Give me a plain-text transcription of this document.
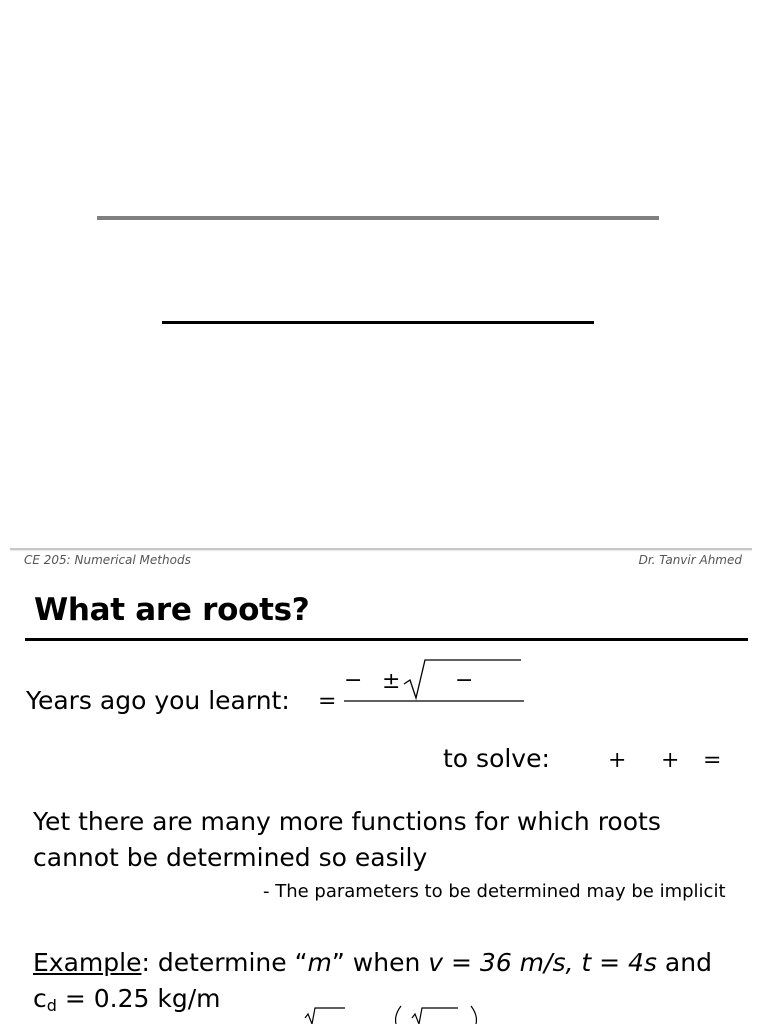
CE 205: Numerical Methods	Dr. Tanvir Ahmed
What are roots?
Years ago you learnt: =
− ± −
to solve:	+ + =
Yet there are many more functions for which roots cannot be determined so easily
- The parameters to be determined may be implicit
Example: determine “m” when v = 36 m/s, t = 4s and $c_d = 0.25$ kg/m
